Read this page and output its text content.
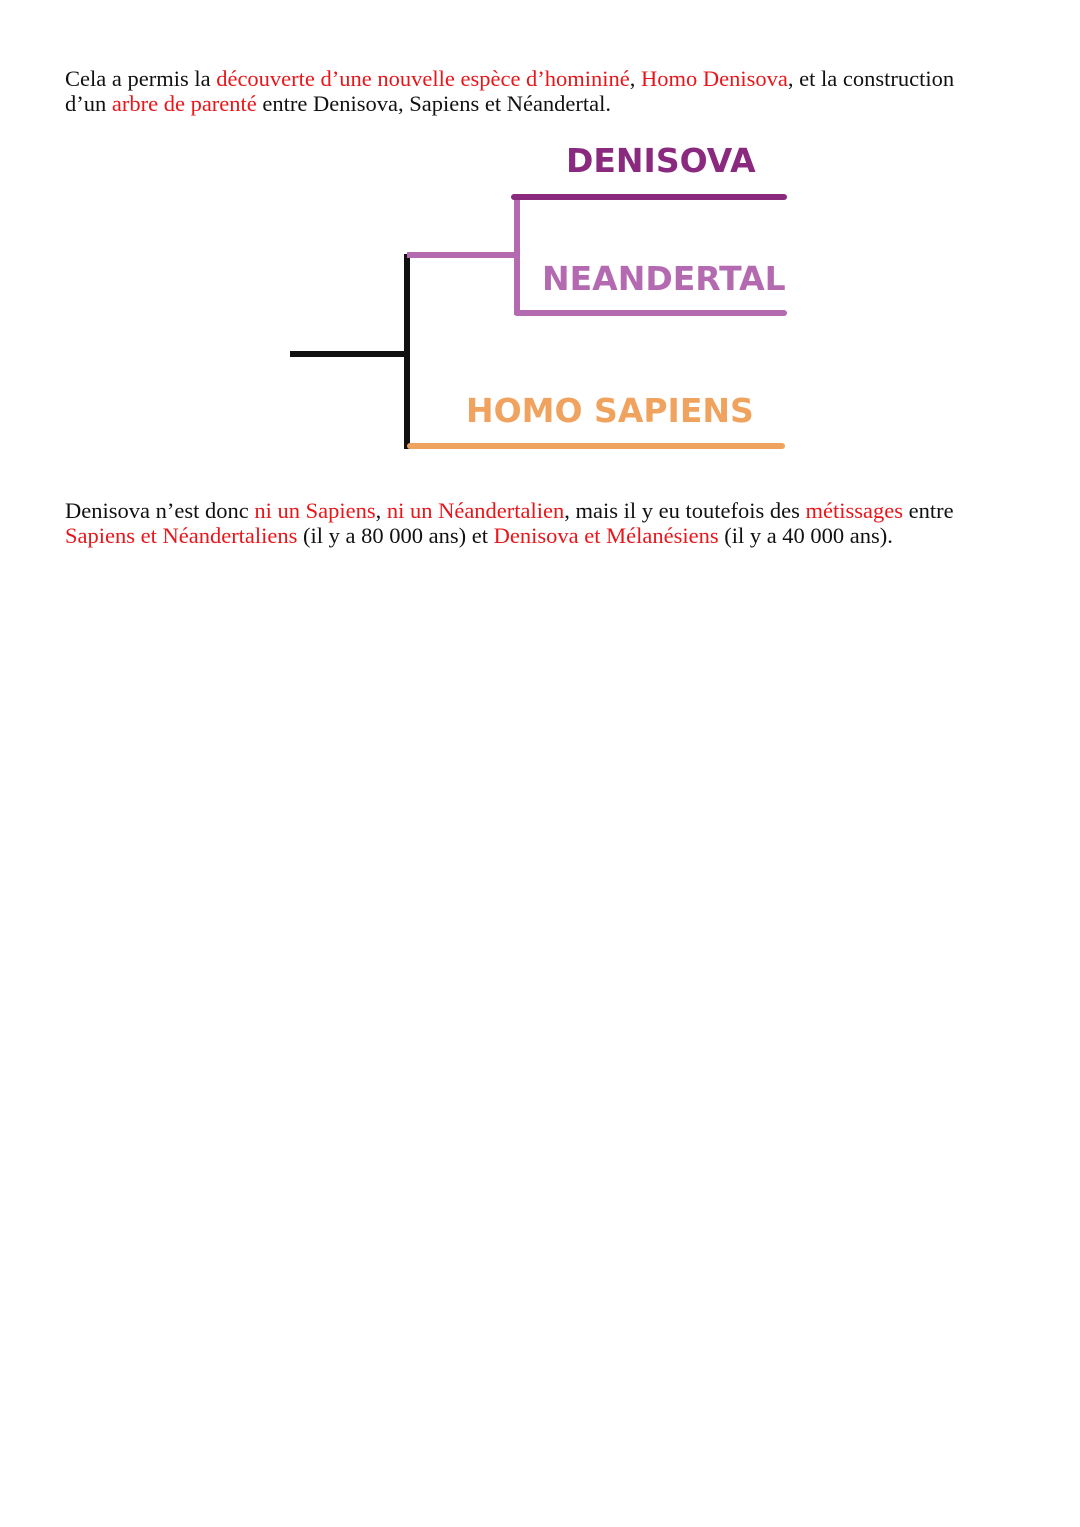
Cela a permis la découverte d’une nouvelle espèce d’homininé, Homo Denisova, et la construction
d’un arbre de parenté entre Denisova, Sapiens et Néandertal.

DENISOVA
NEANDERTAL
HOMO SAPIENS

Denisova n’est donc ni un Sapiens, ni un Néandertalien, mais il y eu toutefois des métissages entre
Sapiens et Néandertaliens (il y a 80 000 ans) et Denisova et Mélanésiens (il y a 40 000 ans).
